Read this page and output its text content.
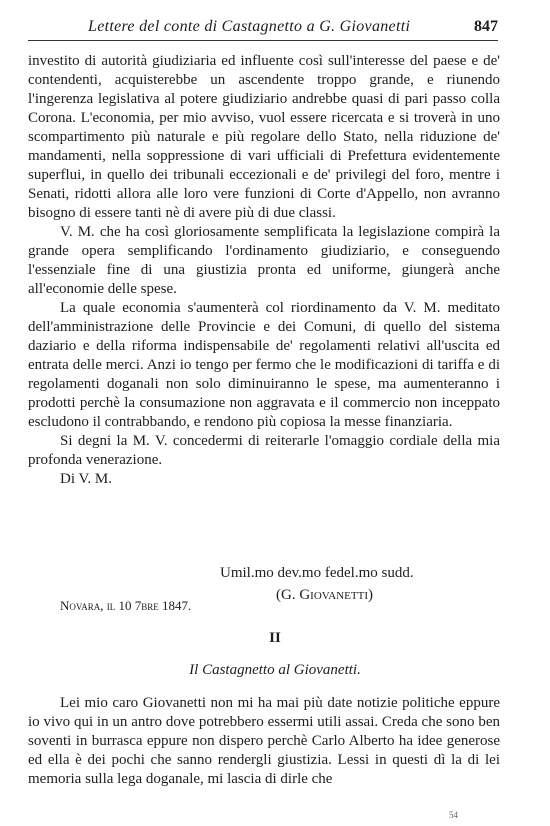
Lettere del conte di Castagnetto a G. Giovanetti	847

investito di autorità giudiziaria ed influente così sull'interesse del paese e de' contendenti, acquisterebbe un ascendente troppo grande, e riunendo l'ingerenza legislativa al potere giudiziario andrebbe quasi di pari passo colla Corona. L'economia, per mio avviso, vuol essere ricercata e si troverà in uno scompartimento più naturale e più regolare dello Stato, nella riduzione de' mandamenti, nella soppressione di vari ufficiali di Prefettura evidentemente superflui, in quello dei tribunali eccezionali e de' privilegi del foro, mentre i Senati, ridotti allora alle loro vere funzioni di Corte d'Appello, non avranno bisogno di essere tanti nè di avere più di due classi.

V. M. che ha così gloriosamente semplificata la legislazione compirà la grande opera semplificando l'ordinamento giudiziario, e conseguendo l'essenziale fine di una giustizia pronta ed uniforme, giungerà anche all'economie delle spese.

La quale economia s'aumenterà col riordinamento da V. M. meditato dell'amministrazione delle Provincie e dei Comuni, di quello del sistema daziario e della riforma indispensabile de' regolamenti relativi all'uscita ed entrata delle merci. Anzi io tengo per fermo che le modificazioni di tariffa e di regolamenti doganali non solo diminuiranno le spese, ma aumenteranno i prodotti perchè la consumazione non aggravata e il commercio non inceppato escludono il contrabbando, e rendono più copiosa la messe finanziaria.

Si degni la M. V. concedermi di reiterarle l'omaggio cordiale della mia profonda venerazione.

Di V. M.

Umil.mo dev.mo fedel.mo sudd.
(G. Giovanetti)
Novara, il 10 7bre 1847.
II
Il Castagnetto al Giovanetti.

Lei mio caro Giovanetti non mi ha mai più date notizie politiche eppure io vivo qui in un antro dove potrebbero essermi utili assai. Creda che sono ben soventi in burrasca eppure non dispero perchè Carlo Alberto ha idee generose ed ella è dei pochi che sanno rendergli giustizia. Lessi in questi dì la di lei memoria sulla lega doganale, mi lascia di dirle che

54
